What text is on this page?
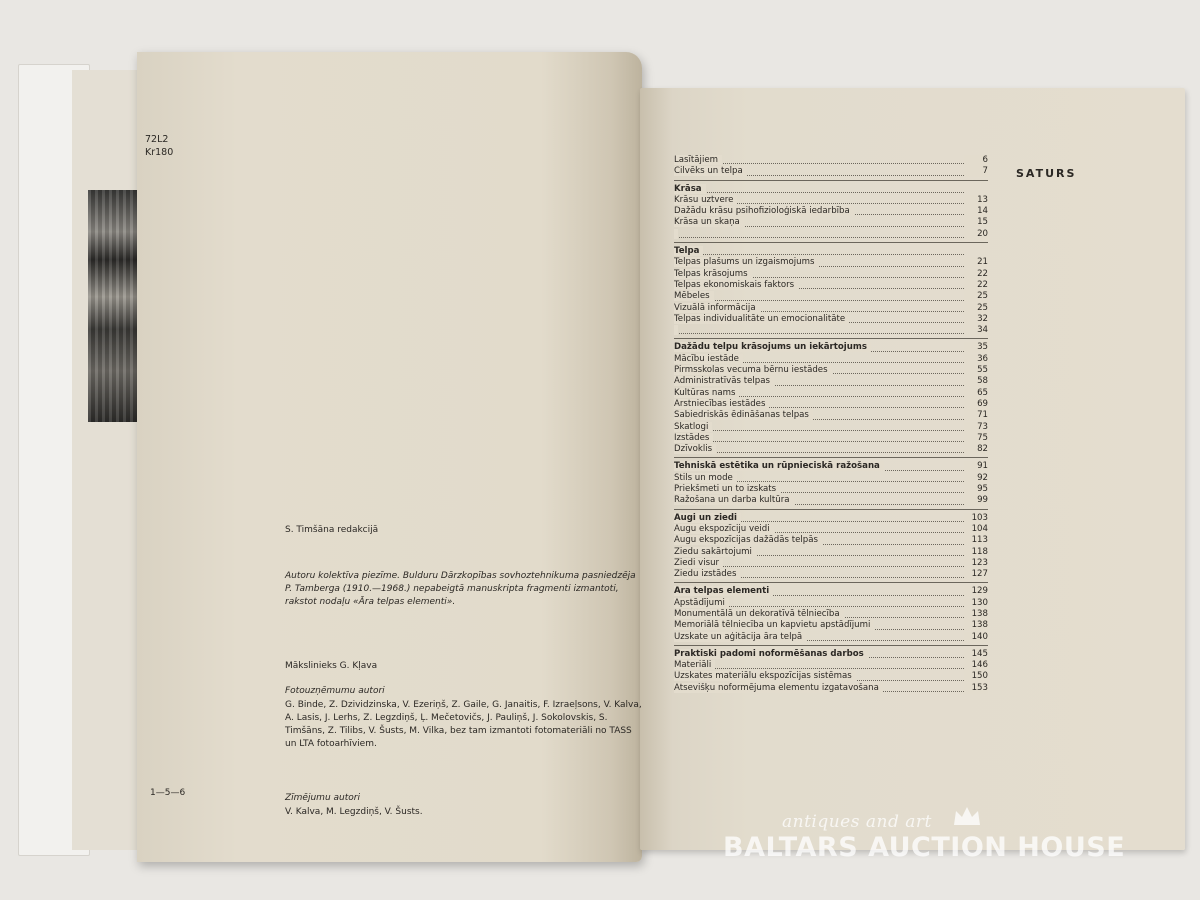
72L2
Kr180
S. Timšāna redakcijā
Autoru kolektīva piezīme. Bulduru Dārzkopības sovhoztehnikuma pasniedzēja P. Tamberga (1910.—1968.) nepabeigtā manuskripta fragmenti izmantoti, rakstot nodaļu «Āra telpas elementi».
Mākslinieks G. Kļava
Fotouzņēmumu autori
G. Binde, Z. Dzividzinska, V. Ezeriņš, Z. Gaile, G. Janaitis, F. Izraeļsons, V. Kalva, A. Lasis, J. Lerhs, Z. Legzdiņš, Ļ. Mečetovičs, J. Pauliņš, J. Sokolovskis, S. Timšāns, Z. Tilibs, V. Šusts, M. Vilka, bez tam izmantoti fotomateriāli no TASS un LTA fotoarhīviem.
1—5—6	Zīmējumu autori
V. Kalva, M. Legzdiņš, V. Šusts.
SATURS
Lasītājiem	6
Cilvēks un telpa	7
Krāsa
Krāsu uztvere	13
Dažādu krāsu psihofizioloģiskā iedarbība	14
Krāsa un skaņa	15
20
Telpa
Telpas plašums un izgaismojums	21
Telpas krāsojums	22
Telpas ekonomiskais faktors	22
Mēbeles	25
Vizuālā informācija	25
Telpas individualitāte un emocionalitāte	32
34
Dažādu telpu krāsojums un iekārtojums	35
Mācību iestāde	36
Pirmsskolas vecuma bērnu iestādes	55
Administratīvās telpas	58
Kultūras nams	65
Ārstniecības iestādes	69
Sabiedriskās ēdināšanas telpas	71
Skatlogi	73
Izstādes	75
Dzīvoklis	82
Tehniskā estētika un rūpnieciskā ražošana	91
Stils un mode	92
Priekšmeti un to izskats	95
Ražošana un darba kultūra	99
Augi un ziedi	103
Augu ekspozīciju veidi	104
Augu ekspozīcijas dažādās telpās	113
Ziedu sakārtojumi	118
Ziedi visur	123
Ziedu izstādes	127
Āra telpas elementi	129
Apstādījumi	130
Monumentālā un dekoratīvā tēlniecība	138
Memoriālā tēlniecība un kapvietu apstādījumi	138
Uzskate un aģitācija āra telpā	140
Praktiski padomi noformēšanas darbos	145
Materiāli	146
Uzskates materiālu ekspozīcijas sistēmas	150
Atsevišķu noformējuma elementu izgatavošana	153
antiques and art
BALTARS AUCTION HOUSE
